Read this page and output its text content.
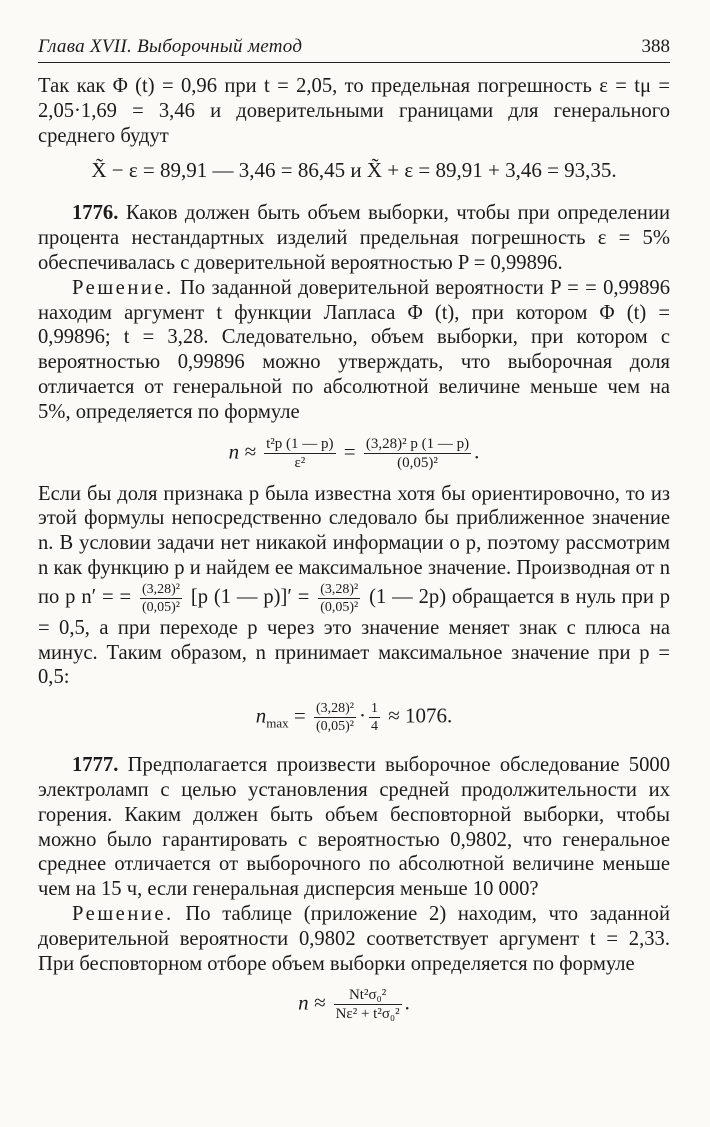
Глава XVII. Выборочный метод	388

Так как Φ (t) = 0,96 при t = 2,05, то предельная погрешность ε = tμ = 2,05·1,69 = 3,46 и доверительными границами для генерального среднего будут

X̃ − ε = 89,91 — 3,46 = 86,45 и X̃ + ε = 89,91 + 3,46 = 93,35.

1776. Каков должен быть объем выборки, чтобы при определении процента нестандартных изделий предельная погрешность ε = 5% обеспечивалась с доверительной вероятностью P = 0,99896.

Решение. По заданной доверительной вероятности P = = 0,99896 находим аргумент t функции Лапласа Φ (t), при котором Φ (t) = 0,99896; t = 3,28. Следовательно, объем выборки, при котором с вероятностью 0,99896 можно утверждать, что выборочная доля отличается от генеральной по абсолютной величине меньше чем на 5%, определяется по формуле

$n \approx \frac{\text{t²p (1 — p)}}{\text{ε²}} = \frac{\text{(3,28)² p (1 — p)}}{\text{(0,05)²}}$ .

Если бы доля признака p была известна хотя бы ориентировочно, то из этой формулы непосредственно следовало бы приближенное значение n. В условии задачи нет никакой информации о p, поэтому рассмотрим n как функцию p и найдем ее максимальное значение. Производная от n по p n′ = = $\frac{\text{(3,28)²}}{\text{(0,05)²}} [p$ (1 — $p)]' = \frac{\text{(3,28)²}}{\text{(0,05)²}} (1$ — 2p) обращается в нуль при p = 0,5, а при переходе p через это значение меняет знак с плюса на минус. Таким образом, n принимает максимальное значение при p = 0,5:

$n_{max} = \frac{\text{(3,28)²}}{\text{(0,05)²}} \cdot \frac{1}{4} \approx 1076$.

1777. Предполагается произвести выборочное обследование 5000 электроламп с целью установления средней продолжительности их горения. Каким должен быть объем бесповторной выборки, чтобы можно было гарантировать с вероятностью 0,9802, что генеральное среднее отличается от выборочного по абсолютной величине меньше чем на 15 ч, если генеральная дисперсия меньше 10 000?

Решение. По таблице (приложение 2) находим, что заданной доверительной вероятности 0,9802 соответствует аргумент t = 2,33. При бесповторном отборе объем выборки определяется по формуле

$n \approx \frac{\text{Nt²σ₀²}}{\text{Nε² + t²σ₀²}}$ .
